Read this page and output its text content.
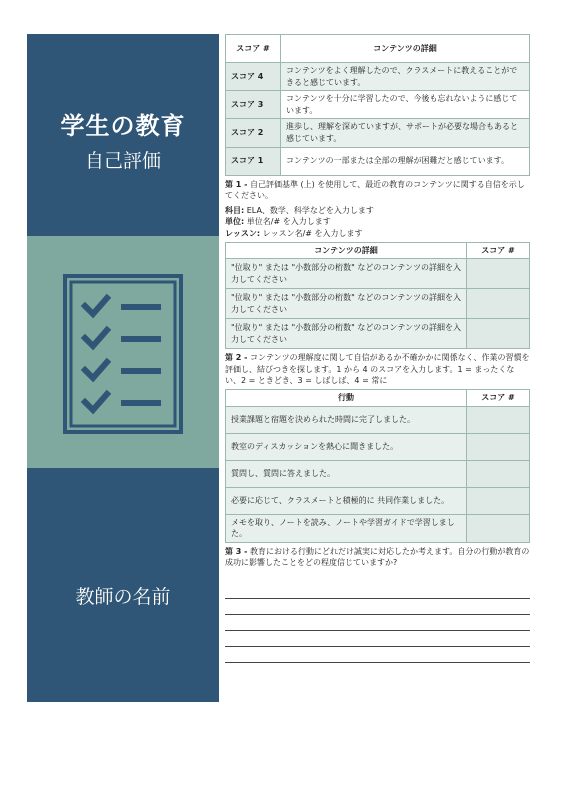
学生の教育
自己評価
教師の名前
スコア #	コンテンツの詳細
スコア 4	コンテンツをよく理解したので、クラスメートに教えることができると感じています。
スコア 3	コンテンツを十分に学習したので、今後も忘れないように感じています。
スコア 2	進歩し、理解を深めていますが、サポートが必要な場合もあると感じています。
スコア 1	コンテンツの一部または全部の理解が困難だと感じています。
第 1 - 自己評価基準 (上) を使用して、最近の教育のコンテンツに関する自信を示してください。
科目: ELA、数学、科学などを入力します
単位: 単位名/# を入力します
レッスン: レッスン名/# を入力します
コンテンツの詳細	スコア #
"位取り" または "小数部分の桁数" などのコンテンツの詳細を入力してください	
"位取り" または "小数部分の桁数" などのコンテンツの詳細を入力してください	
"位取り" または "小数部分の桁数" などのコンテンツの詳細を入力してください	
第 2 - コンテンツの理解度に関して自信があるか不確かかに関係なく、作業の習慣を評価し、結びつきを探します。1 から 4 のスコアを入力します。1 = まったくない、2 = ときどき、3 = しばしば、4 = 常に
行動	スコア #
授業課題と宿題を決められた時間に完了しました。	
教室のディスカッションを熱心に聞きました。	
質問し、質問に答えました。	
必要に応じて、クラスメートと積極的に 共同作業しました。	
メモを取り、ノートを読み、ノートや学習ガイドで学習しました。	
第 3 - 教育における行動にどれだけ誠実に対応したか考えます。自分の行動が教育の成功に影響したことをどの程度信じていますか?
